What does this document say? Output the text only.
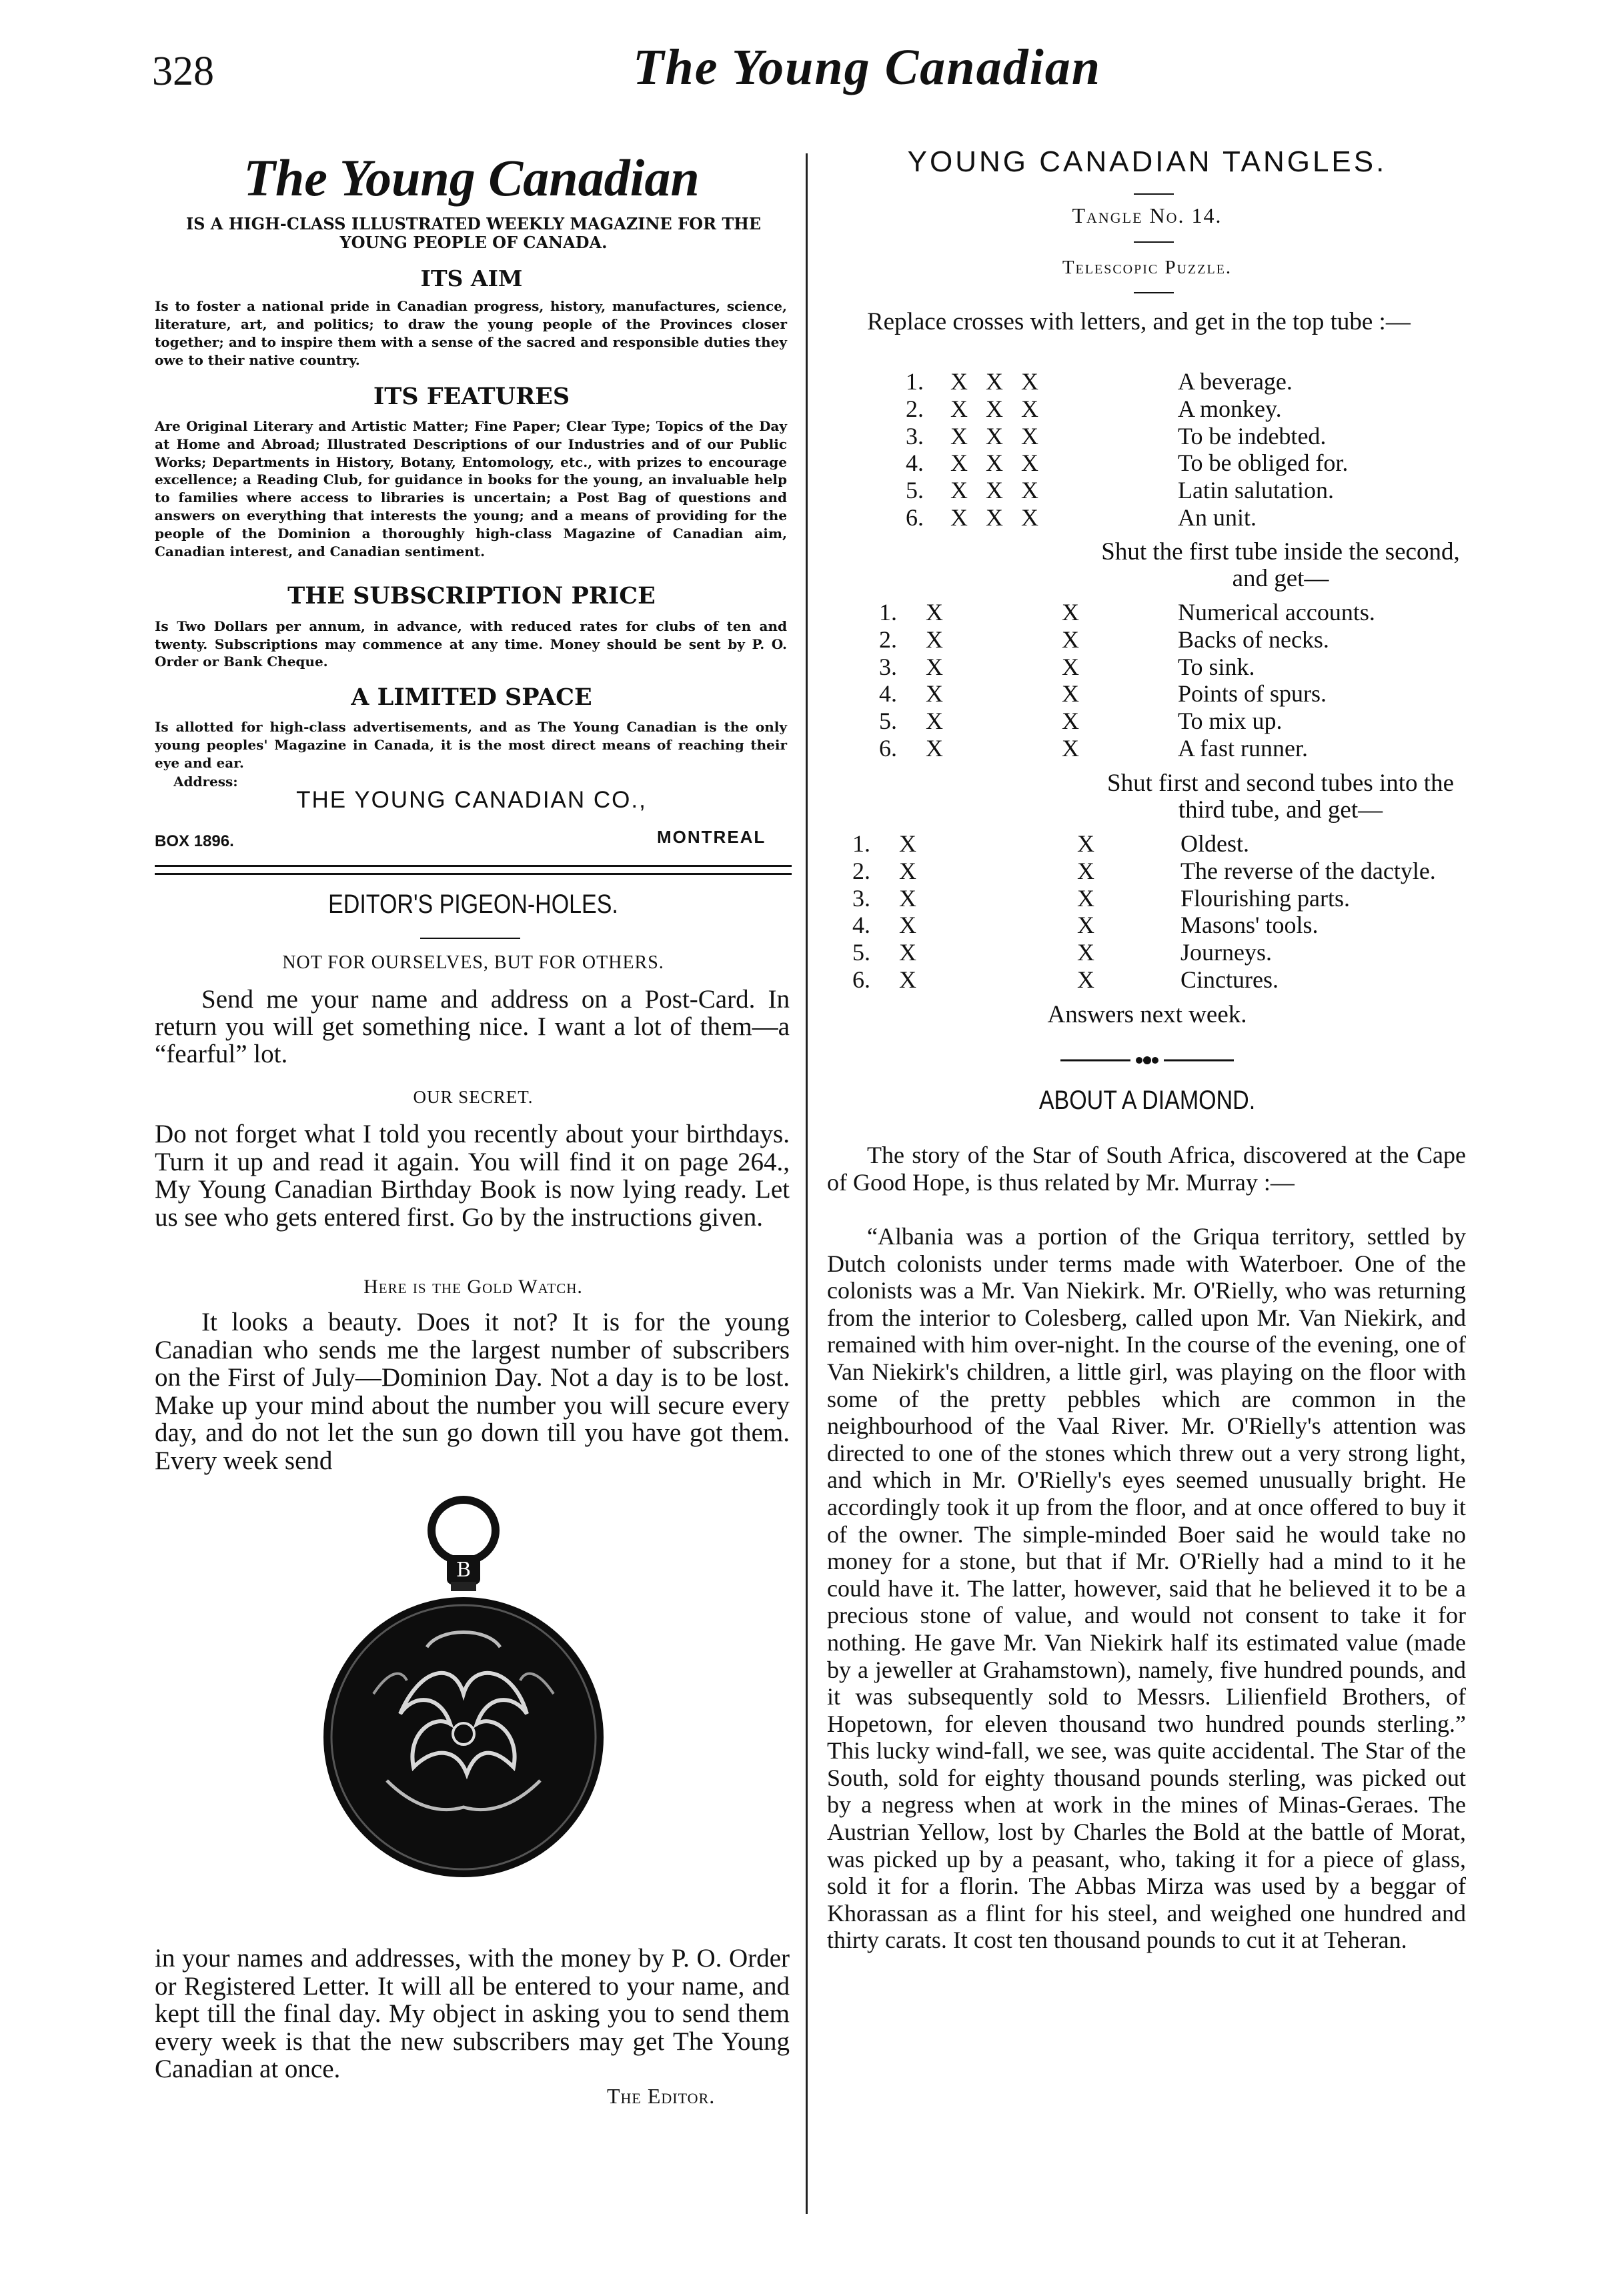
328	The Young Canadian
The Young Canadian
IS A HIGH-CLASS ILLUSTRATED WEEKLY MAGAZINE FOR THE YOUNG PEOPLE OF CANADA.
ITS AIM
Is to foster a national pride in Canadian progress, history, manufactures, science, literature, art, and politics; to draw the young people of the Provinces closer together; and to inspire them with a sense of the sacred and responsible duties they owe to their native country.
ITS FEATURES
Are Original Literary and Artistic Matter; Fine Paper; Clear Type; Topics of the Day at Home and Abroad; Illustrated Descriptions of our Industries and of our Public Works; Departments in History, Botany, Entomology, etc., with prizes to encourage excellence; a Reading Club, for guidance in books for the young, an invaluable help to families where access to libraries is uncertain; a Post Bag of questions and answers on everything that interests the young; and a means of providing for the people of the Dominion a thoroughly high-class Magazine of Canadian aim, Canadian interest, and Canadian sentiment.
THE SUBSCRIPTION PRICE
Is Two Dollars per annum, in advance, with reduced rates for clubs of ten and twenty. Subscriptions may commence at any time. Money should be sent by P. O. Order or Bank Cheque.
A LIMITED SPACE
Is allotted for high-class advertisements, and as The Young Canadian is the only young peoples' Magazine in Canada, it is the most direct means of reaching their eye and ear.
Address:
THE YOUNG CANADIAN CO.,
BOX 1896.	MONTREAL
EDITOR'S PIGEON-HOLES.
NOT FOR OURSELVES, BUT FOR OTHERS.
Send me your name and address on a Post-Card. In return you will get something nice. I want a lot of them—a “fearful” lot.
OUR SECRET.
Do not forget what I told you recently about your birthdays. Turn it up and read it again. You will find it on page 264., My Young Canadian Birthday Book is now lying ready. Let us see who gets entered first. Go by the instructions given.
Here is the Gold Watch.
It looks a beauty. Does it not? It is for the young Canadian who sends me the largest number of subscribers on the First of July—Dominion Day. Not a day is to be lost. Make up your mind about the number you will secure every day, and do not let the sun go down till you have got them. Every week send
B
in your names and addresses, with the money by P. O. Order or Registered Letter. It will all be entered to your name, and kept till the final day. My object in asking you to send them every week is that the new subscribers may get The Young Canadian at once.
The Editor.
YOUNG CANADIAN TANGLES.
Tangle No. 14.
Telescopic Puzzle.
Replace crosses with letters, and get in the top tube :—
1. X X X	A beverage.
2. X X X	A monkey.
3. X X X	To be indebted.
4. X X X	To be obliged for.
5. X X X	Latin salutation.
6. X X X	An unit.
Shut the first tube inside the second, and get—
1. X	X	Numerical accounts.
2. X	X	Backs of necks.
3. X	X	To sink.
4. X	X	Points of spurs.
5. X	X	To mix up.
6. X	X	A fast runner.
Shut first and second tubes into the third tube, and get—
1. X	X	Oldest.
2. X	X	The reverse of the dactyle.
3. X	X	Flourishing parts.
4. X	X	Masons' tools.
5. X	X	Journeys.
6. X	X	Cinctures.
Answers next week.
ABOUT A DIAMOND.
The story of the Star of South Africa, discovered at the Cape of Good Hope, is thus related by Mr. Murray :—
“Albania was a portion of the Griqua territory, settled by Dutch colonists under terms made with Waterboer. One of the colonists was a Mr. Van Niekirk. Mr. O'Rielly, who was returning from the interior to Colesberg, called upon Mr. Van Niekirk, and remained with him over-night. In the course of the evening, one of Van Niekirk's children, a little girl, was playing on the floor with some of the pretty pebbles which are common in the neighbourhood of the Vaal River. Mr. O'Rielly's attention was directed to one of the stones which threw out a very strong light, and which in Mr. O'Rielly's eyes seemed unusually bright. He accordingly took it up from the floor, and at once offered to buy it of the owner. The simple-minded Boer said he would take no money for a stone, but that if Mr. O'Rielly had a mind to it he could have it. The latter, however, said that he believed it to be a precious stone of value, and would not consent to take it for nothing. He gave Mr. Van Niekirk half its estimated value (made by a jeweller at Grahamstown), namely, five hundred pounds, and it was subsequently sold to Messrs. Lilienfield Brothers, of Hopetown, for eleven thousand two hundred pounds sterling.” This lucky wind-fall, we see, was quite accidental. The Star of the South, sold for eighty thousand pounds sterling, was picked out by a negress when at work in the mines of Minas-Geraes. The Austrian Yellow, lost by Charles the Bold at the battle of Morat, was picked up by a peasant, who, taking it for a piece of glass, sold it for a florin. The Abbas Mirza was used by a beggar of Khorassan as a flint for his steel, and weighed one hundred and thirty carats. It cost ten thousand pounds to cut it at Teheran.
